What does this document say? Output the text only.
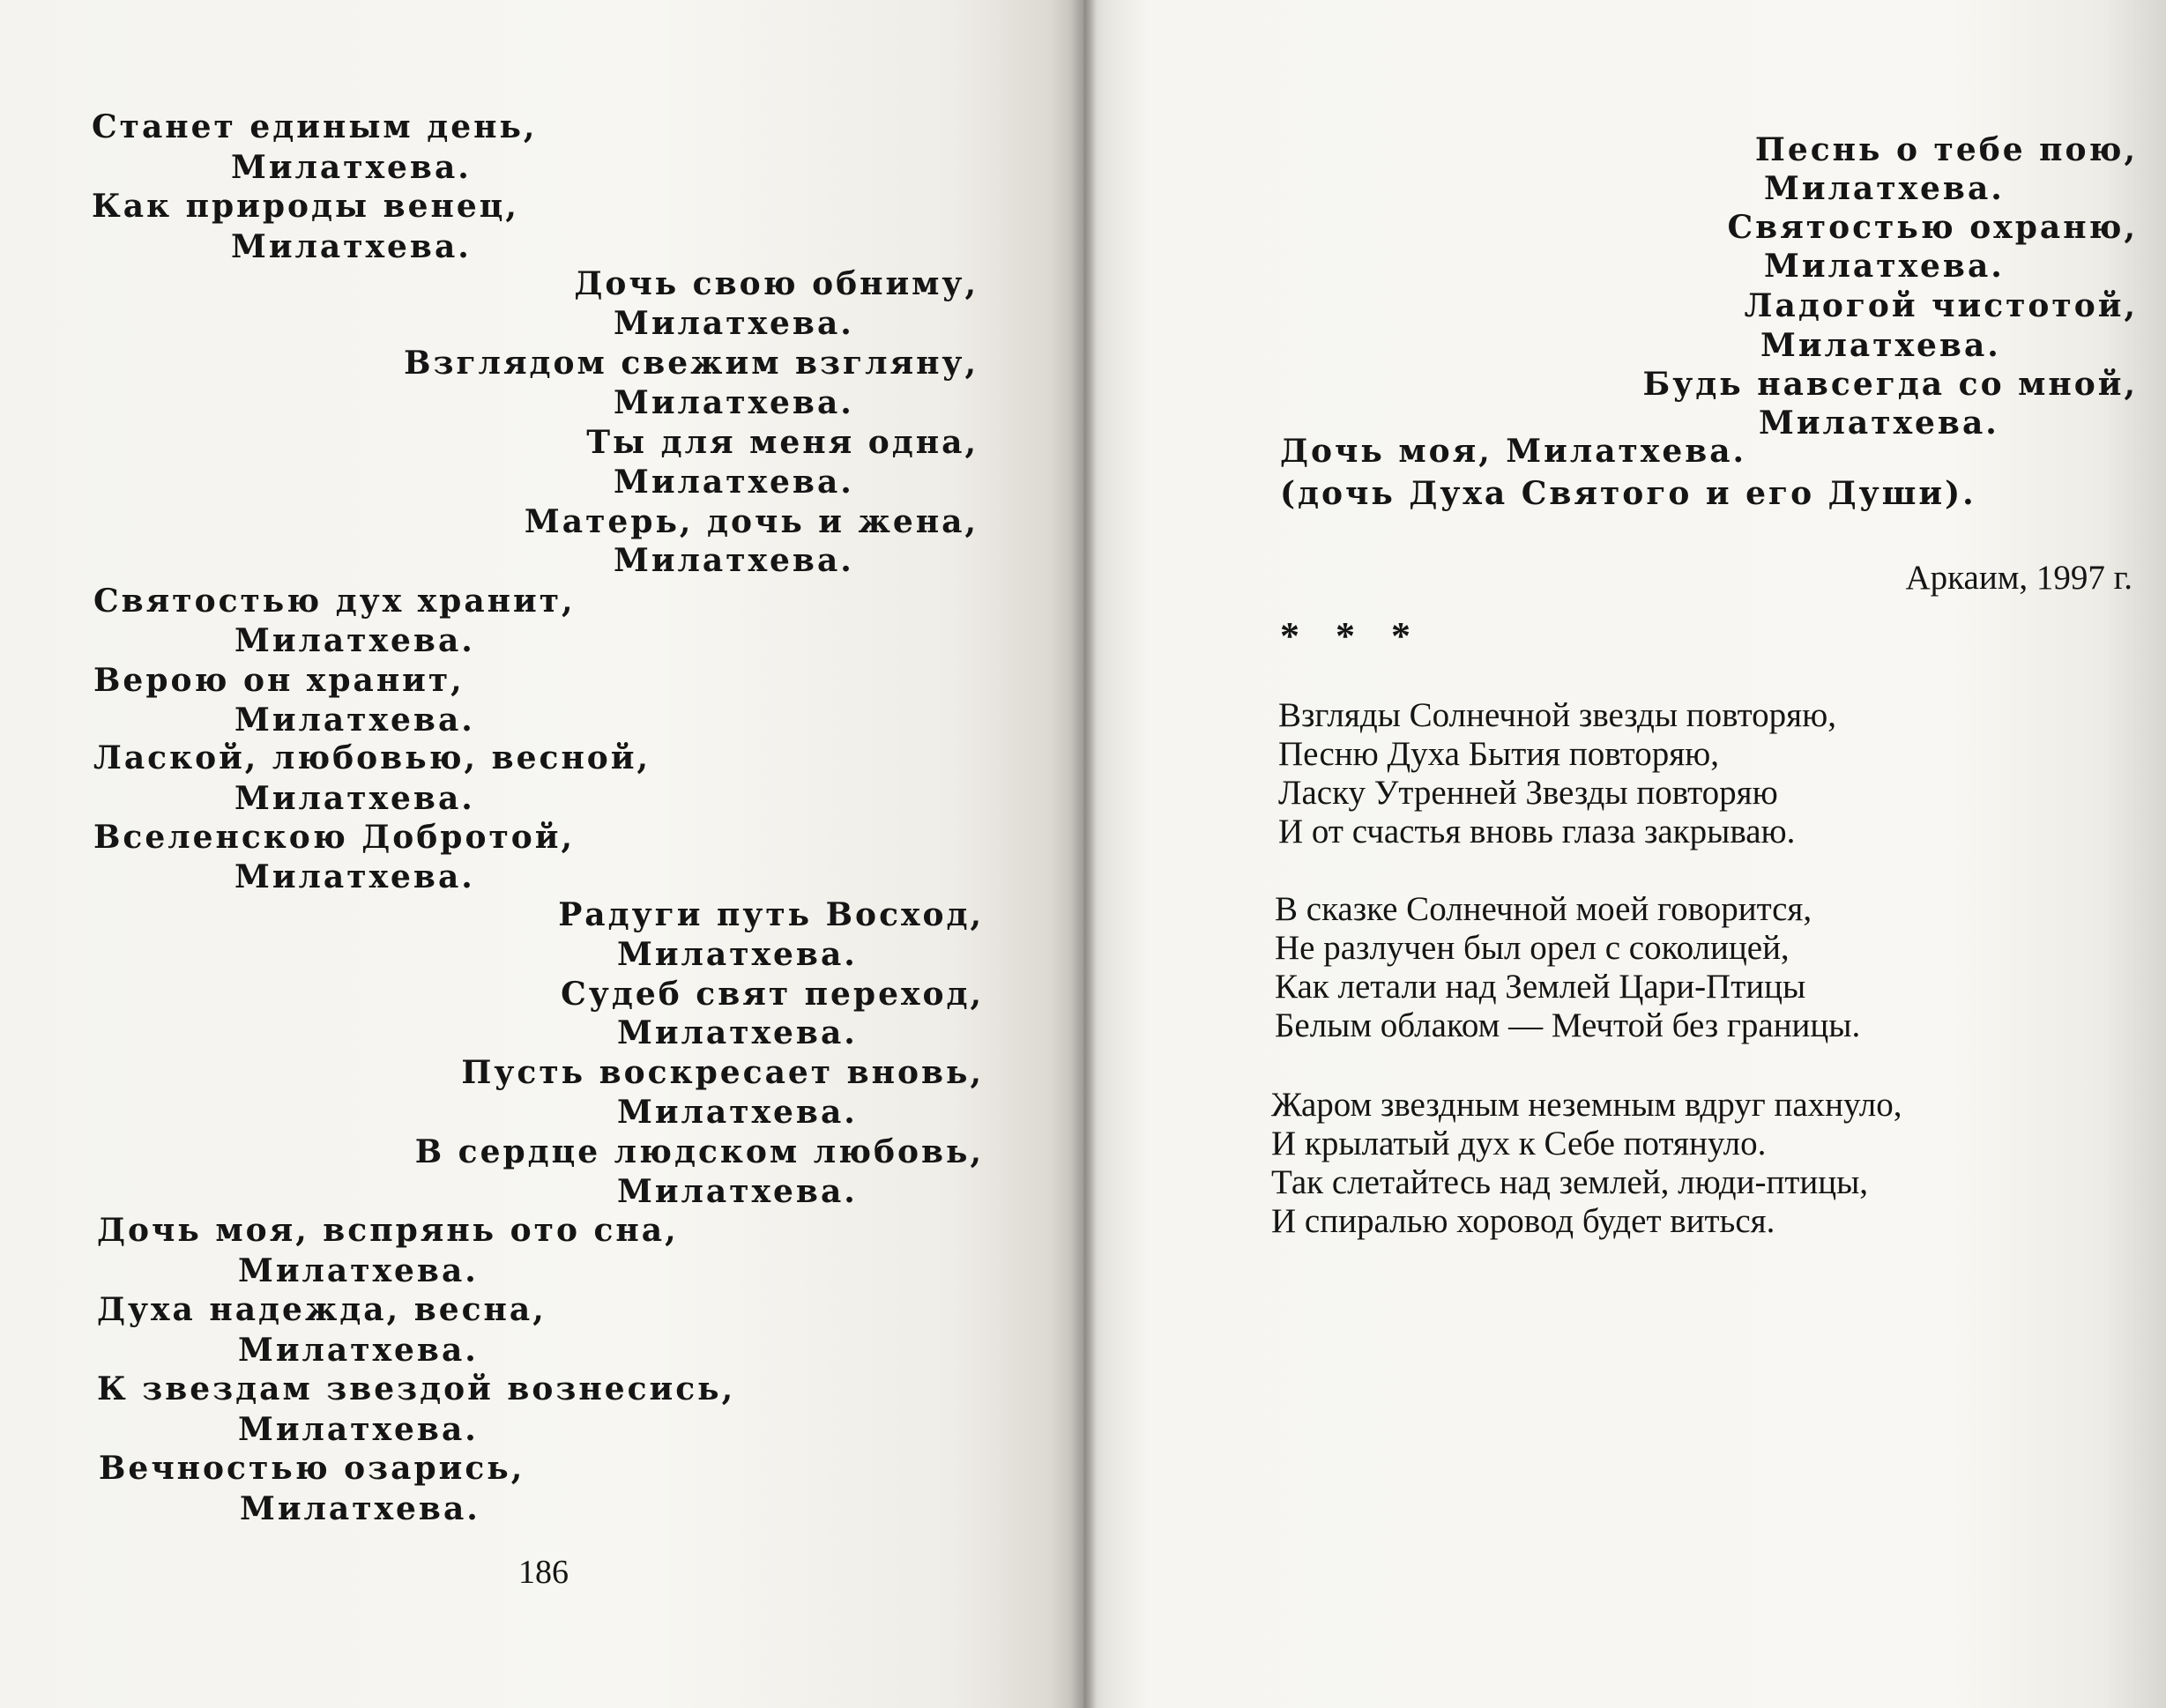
Станет единым день,
Милатхева.
Как природы венец,
Милатхева.
Дочь свою обниму,
Милатхева.
Взглядом свежим взгляну,
Милатхева.
Ты для меня одна,
Милатхева.
Матерь, дочь и жена,
Милатхева.
Святостью дух хранит,
Милатхева.
Верою он хранит,
Милатхева.
Лаской, любовью, весной,
Милатхева.
Вселенскою Добротой,
Милатхева.
Радуги путь Восход,
Милатхева.
Судеб свят переход,
Милатхева.
Пусть воскресает вновь,
Милатхева.
В сердце людском любовь,
Милатхева.
Дочь моя, вспрянь ото сна,
Милатхева.
Духа надежда, весна,
Милатхева.
К звездам звездой вознесись,
Милатхева.
Вечностью озарись,
Милатхева.
186
Песнь о тебе пою,
Милатхева.
Святостью охраню,
Милатхева.
Ладогой чистотой,
Милатхева.
Будь навсегда со мной,
Милатхева.
Дочь моя, Милатхева.
(дочь Духа Святого и его Души).
Аркаим, 1997 г.
* * *
Взгляды Солнечной звезды повторяю,
Песню Духа Бытия повторяю,
Ласку Утренней Звезды повторяю
И от счастья вновь глаза закрываю.
В сказке Солнечной моей говорится,
Не разлучен был орел с соколицей,
Как летали над Землей Цари-Птицы
Белым облаком — Мечтой без границы.
Жаром звездным неземным вдруг пахнуло,
И крылатый дух к Себе потянуло.
Так слетайтесь над землей, люди-птицы,
И спиралью хоровод будет виться.
